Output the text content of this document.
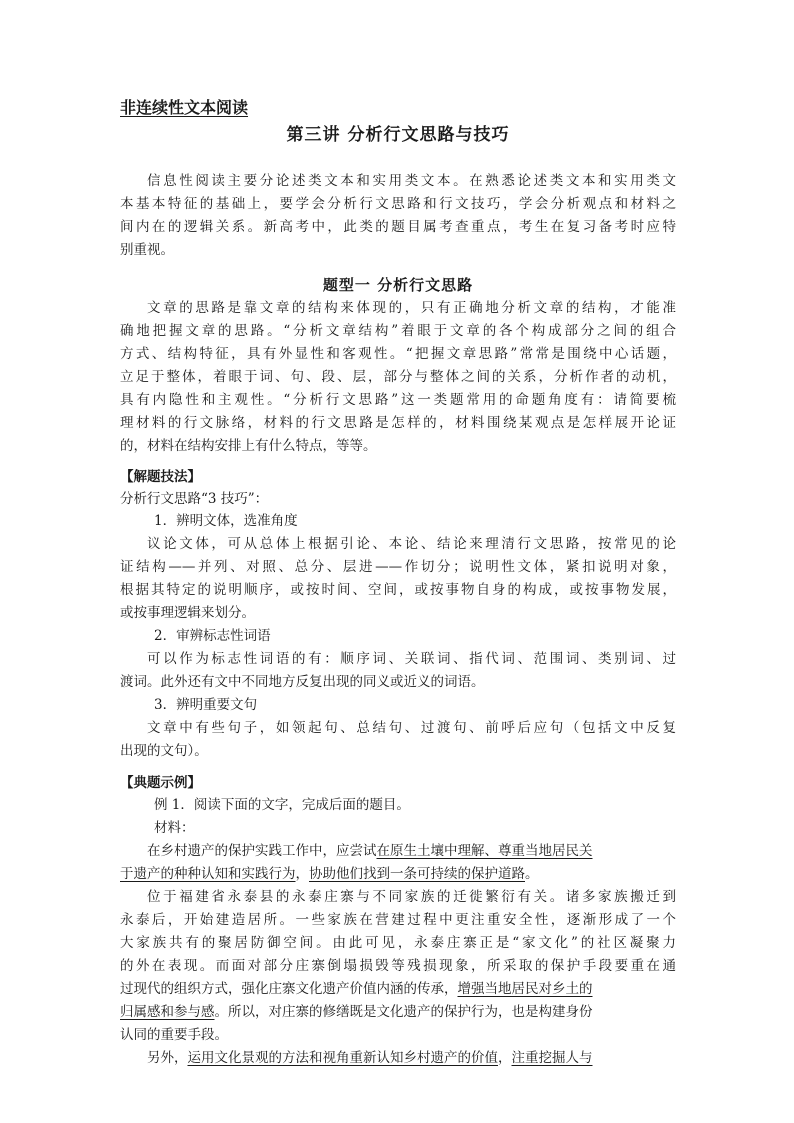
非连续性文本阅读
第三讲 分析行文思路与技巧
信息性阅读主要分论述类文本和实用类文本。在熟悉论述类文本和实用类文
本基本特征的基础上，要学会分析行文思路和行文技巧，学会分析观点和材料之
间内在的逻辑关系。新高考中，此类的题目属考查重点，考生在复习备考时应特
别重视。
题型一 分析行文思路
文章的思路是靠文章的结构来体现的，只有正确地分析文章的结构，才能准
确地把握文章的思路。“分析文章结构”着眼于文章的各个构成部分之间的组合
方式、结构特征，具有外显性和客观性。“把握文章思路”常常是围绕中心话题，
立足于整体，着眼于词、句、段、层，部分与整体之间的关系，分析作者的动机，
具有内隐性和主观性。“分析行文思路”这一类题常用的命题角度有：请简要梳
理材料的行文脉络，材料的行文思路是怎样的，材料围绕某观点是怎样展开论证
的，材料在结构安排上有什么特点，等等。
【解题技法】
分析行文思路“3 技巧”：
1．辨明文体，选准角度
议论文体，可从总体上根据引论、本论、结论来理清行文思路，按常见的论
证结构——并列、对照、总分、层进——作切分；说明性文体，紧扣说明对象，
根据其特定的说明顺序，或按时间、空间，或按事物自身的构成，或按事物发展，
或按事理逻辑来划分。
2．审辨标志性词语
可以作为标志性词语的有：顺序词、关联词、指代词、范围词、类别词、过
渡词。此外还有文中不同地方反复出现的同义或近义的词语。
3．辨明重要文句
文章中有些句子，如领起句、总结句、过渡句、前呼后应句（包括文中反复
出现的文句）。
【典题示例】
例 1．阅读下面的文字，完成后面的题目。
材料：
在乡村遗产的保护实践工作中，应尝试在原生土壤中理解、尊重当地居民关
于遗产的种种认知和实践行为，协助他们找到一条可持续的保护道路。
位于福建省永泰县的永泰庄寨与不同家族的迁徙繁衍有关。诸多家族搬迁到
永泰后，开始建造居所。一些家族在营建过程中更注重安全性，逐渐形成了一个
大家族共有的聚居防御空间。由此可见，永泰庄寨正是“家文化”的社区凝聚力
的外在表现。而面对部分庄寨倒塌损毁等残损现象，所采取的保护手段要重在通
过现代的组织方式，强化庄寨文化遗产价值内涵的传承，增强当地居民对乡土的
归属感和参与感。所以，对庄寨的修缮既是文化遗产的保护行为，也是构建身份
认同的重要手段。
另外，运用文化景观的方法和视角重新认知乡村遗产的价值，注重挖掘人与
